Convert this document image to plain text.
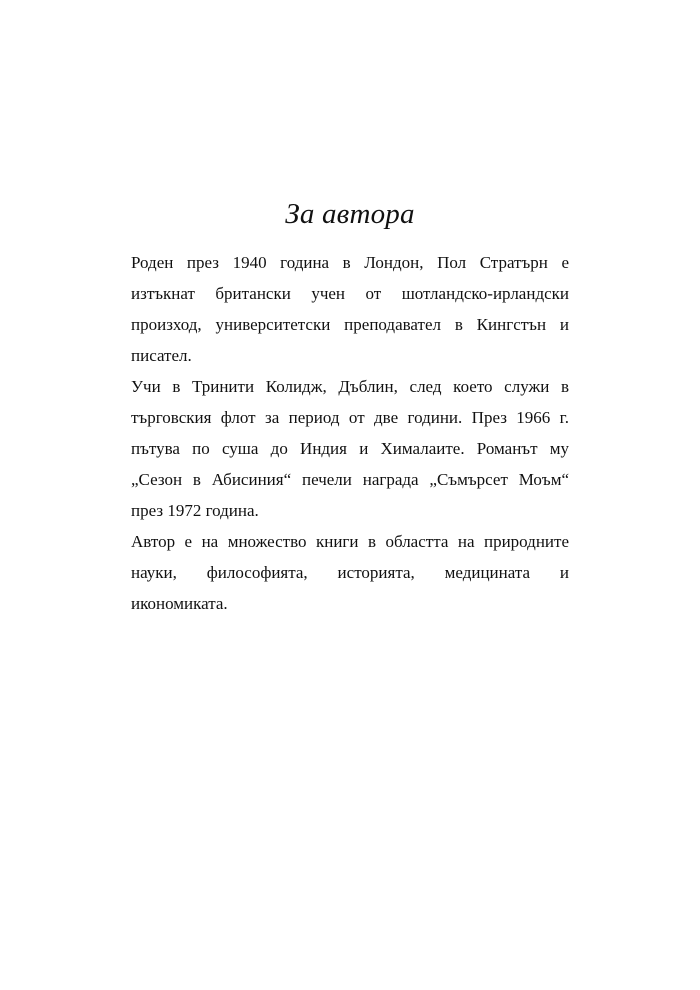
За автора
Роден през 1940 година в Лондон, Пол Стратърн е
изтъкнат британски учен от шотландско-ирландски
произход, университетски преподавател в Кингстън и
писател.
Учи в Тринити Колидж, Дъблин, след което служи в
търговския флот за период от две години. През 1966 г.
пътува по суша до Индия и Хималаите. Романът му
„Сезон в Абисиния“ печели награда „Съмърсет Моъм“
през 1972 година.
Автор е на множество книги в областта на природните
науки, философията, историята, медицината и
икономиката.
